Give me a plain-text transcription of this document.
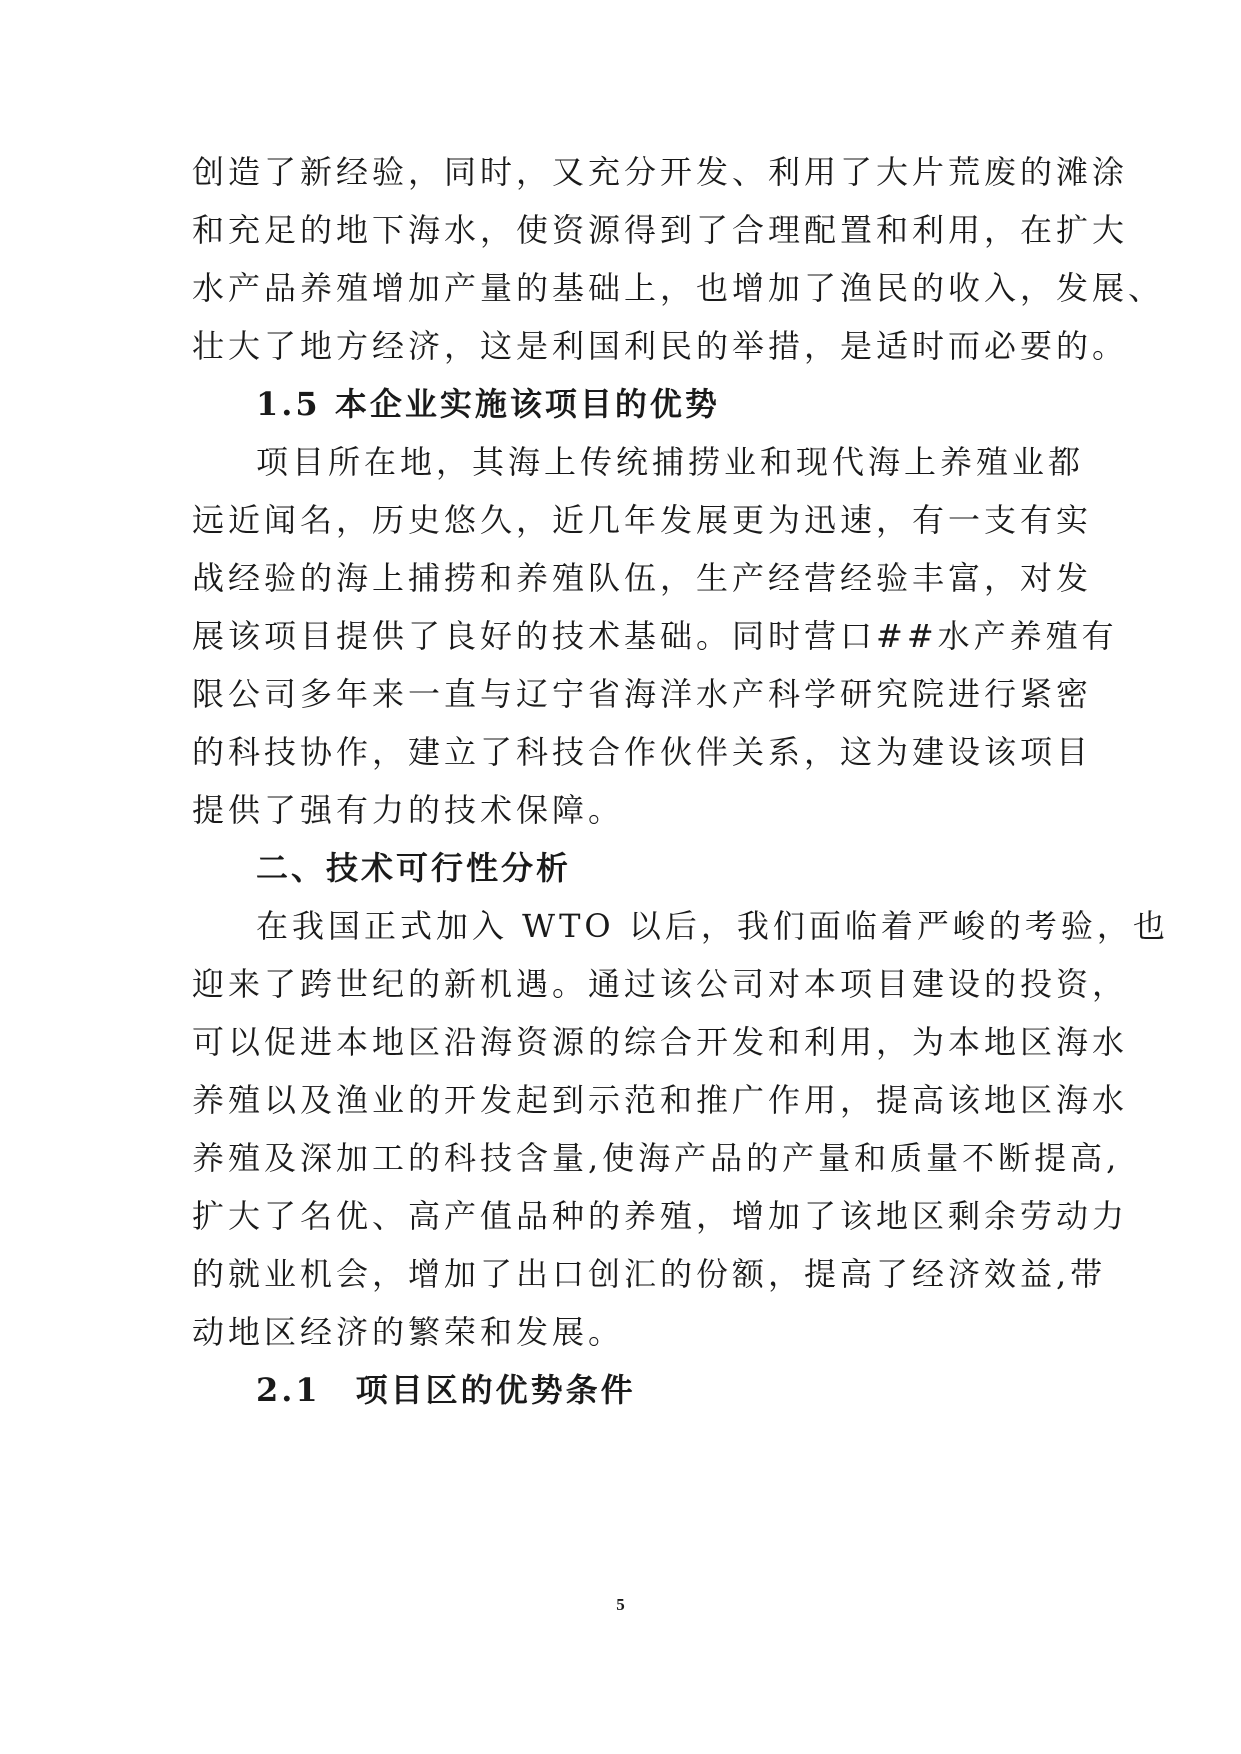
创造了新经验，同时，又充分开发、利用了大片荒废的滩涂
和充足的地下海水，使资源得到了合理配置和利用，在扩大
水产品养殖增加产量的基础上，也增加了渔民的收入，发展、
壮大了地方经济，这是利国利民的举措，是适时而必要的。
1.5 本企业实施该项目的优势
项目所在地，其海上传统捕捞业和现代海上养殖业都
远近闻名，历史悠久，近几年发展更为迅速，有一支有实
战经验的海上捕捞和养殖队伍，生产经营经验丰富，对发
展该项目提供了良好的技术基础。同时营口##水产养殖有
限公司多年来一直与辽宁省海洋水产科学研究院进行紧密
的科技协作，建立了科技合作伙伴关系，这为建设该项目
提供了强有力的技术保障。
二、技术可行性分析
在我国正式加入 WTO 以后，我们面临着严峻的考验，也
迎来了跨世纪的新机遇。通过该公司对本项目建设的投资，
可以促进本地区沿海资源的综合开发和利用，为本地区海水
养殖以及渔业的开发起到示范和推广作用，提高该地区海水
养殖及深加工的科技含量,使海产品的产量和质量不断提高,
扩大了名优、高产值品种的养殖，增加了该地区剩余劳动力
的就业机会，增加了出口创汇的份额，提高了经济效益,带
动地区经济的繁荣和发展。
2.1　项目区的优势条件
5
